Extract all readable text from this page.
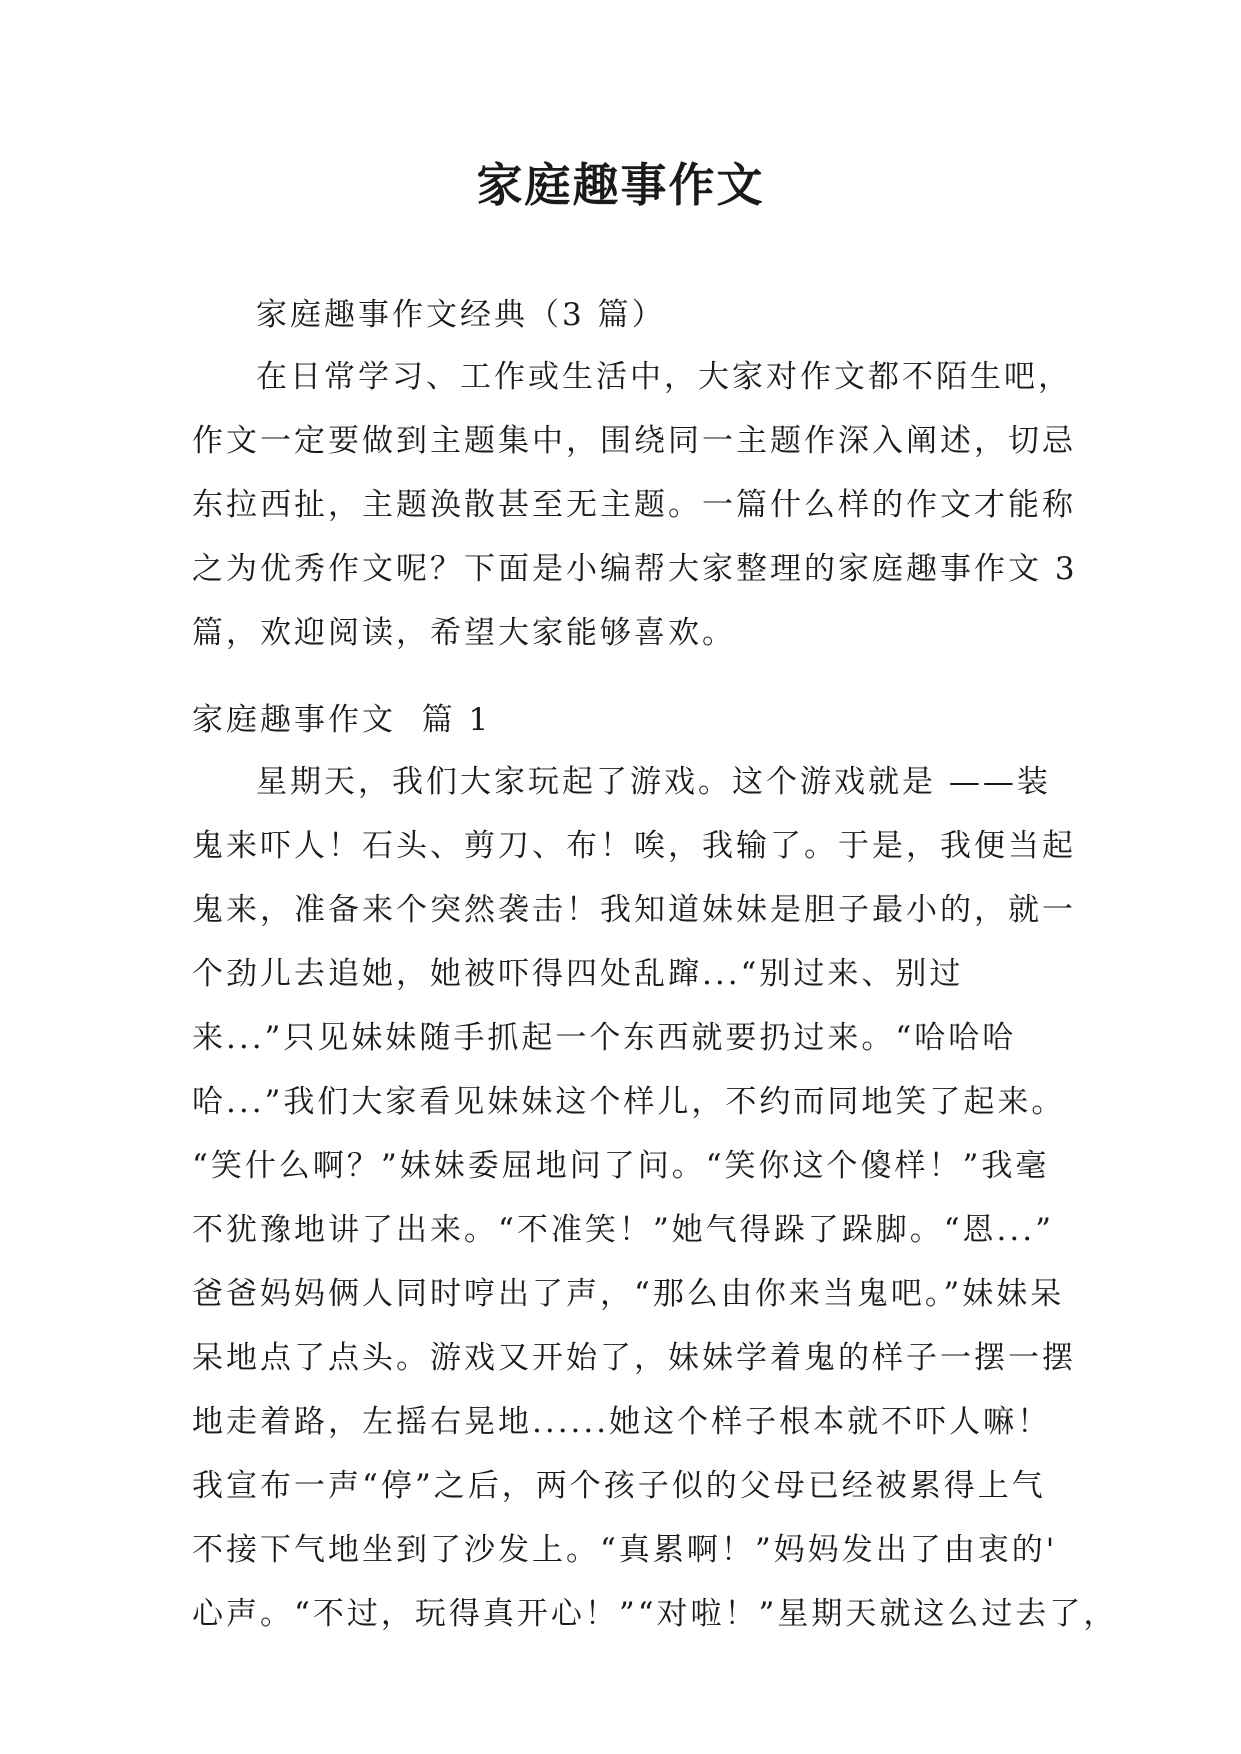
家庭趣事作文
家庭趣事作文经典（3 篇）
在日常学习、工作或生活中，大家对作文都不陌生吧，
作文一定要做到主题集中，围绕同一主题作深入阐述，切忌
东拉西扯，主题涣散甚至无主题。一篇什么样的作文才能称
之为优秀作文呢？下面是小编帮大家整理的家庭趣事作文 3
篇，欢迎阅读，希望大家能够喜欢。
家庭趣事作文  篇 1
星期天，我们大家玩起了游戏。这个游戏就是 ——装
鬼来吓人！石头、剪刀、布！唉，我输了。于是，我便当起
鬼来，准备来个突然袭击！我知道妹妹是胆子最小的，就一
个劲儿去追她，她被吓得四处乱蹿...“别过来、别过
来...”只见妹妹随手抓起一个东西就要扔过来。“哈哈哈
哈...”我们大家看见妹妹这个样儿，不约而同地笑了起来。
“笑什么啊？”妹妹委屈地问了问。“笑你这个傻样！”我毫
不犹豫地讲了出来。“不准笑！”她气得跺了跺脚。“恩...”
爸爸妈妈俩人同时哼出了声，“那么由你来当鬼吧。”妹妹呆
呆地点了点头。游戏又开始了，妹妹学着鬼的样子一摆一摆
地走着路，左摇右晃地......她这个样子根本就不吓人嘛！
我宣布一声“停”之后，两个孩子似的父母已经被累得上气
不接下气地坐到了沙发上。“真累啊！”妈妈发出了由衷的'
心声。“不过，玩得真开心！”“对啦！”星期天就这么过去了，
